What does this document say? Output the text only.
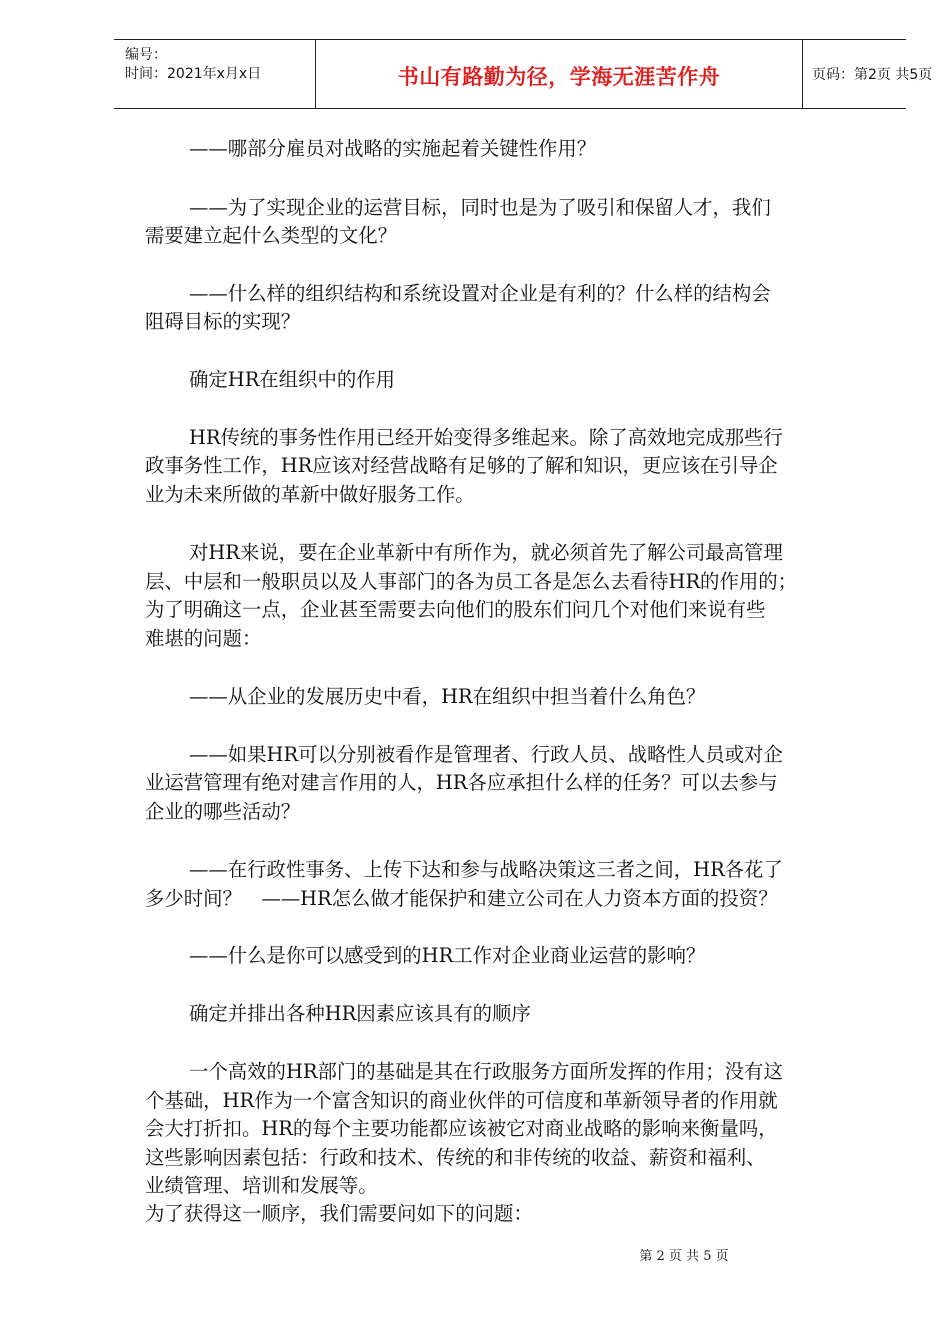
编号：
时间：2021年x月x日	书山有路勤为径，学海无涯苦作舟	页码：第2页 共5页
——哪部分雇员对战略的实施起着关键性作用？
——为了实现企业的运营目标，同时也是为了吸引和保留人才，我们
需要建立起什么类型的文化？
——什么样的组织结构和系统设置对企业是有利的？什么样的结构会
阻碍目标的实现？
确定HR在组织中的作用
HR传统的事务性作用已经开始变得多维起来。除了高效地完成那些行
政事务性工作，HR应该对经营战略有足够的了解和知识，更应该在引导企
业为未来所做的革新中做好服务工作。
对HR来说，要在企业革新中有所作为，就必须首先了解公司最高管理
层、中层和一般职员以及人事部门的各为员工各是怎么去看待HR的作用的；
为了明确这一点，企业甚至需要去向他们的股东们问几个对他们来说有些
难堪的问题：
——从企业的发展历史中看，HR在组织中担当着什么角色？
——如果HR可以分别被看作是管理者、行政人员、战略性人员或对企
业运营管理有绝对建言作用的人，HR各应承担什么样的任务？可以去参与
企业的哪些活动？
——在行政性事务、上传下达和参与战略决策这三者之间，HR各花了
多少时间？　——HR怎么做才能保护和建立公司在人力资本方面的投资？
——什么是你可以感受到的HR工作对企业商业运营的影响？
确定并排出各种HR因素应该具有的顺序
一个高效的HR部门的基础是其在行政服务方面所发挥的作用；没有这
个基础，HR作为一个富含知识的商业伙伴的可信度和革新领导者的作用就
会大打折扣。HR的每个主要功能都应该被它对商业战略的影响来衡量吗，
这些影响因素包括：行政和技术、传统的和非传统的收益、薪资和福利、
业绩管理、培训和发展等。
为了获得这一顺序，我们需要问如下的问题：
第 2 页 共 5 页
